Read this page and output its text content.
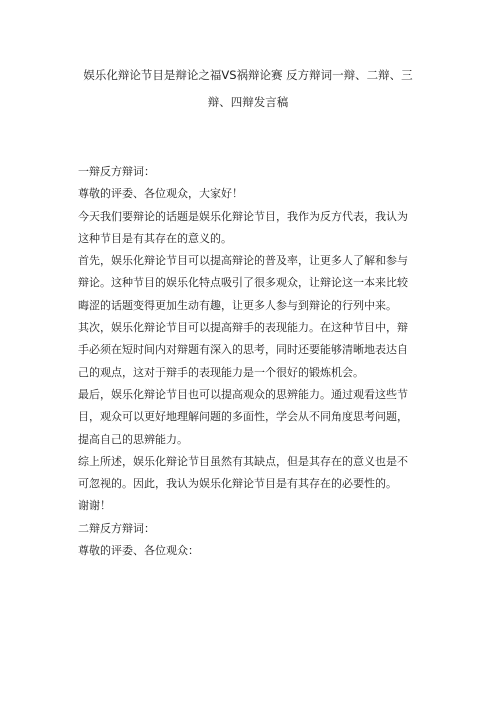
娱乐化辩论节目是辩论之福VS祸辩论赛 反方辩词一辩、二辩、三
辩、四辩发言稿
一辩反方辩词：
尊敬的评委、各位观众，大家好！
今天我们要辩论的话题是娱乐化辩论节目，我作为反方代表，我认为
这种节目是有其存在的意义的。
首先，娱乐化辩论节目可以提高辩论的普及率，让更多人了解和参与
辩论。这种节目的娱乐化特点吸引了很多观众，让辩论这一本来比较
晦涩的话题变得更加生动有趣，让更多人参与到辩论的行列中来。
其次，娱乐化辩论节目可以提高辩手的表现能力。在这种节目中，辩
手必须在短时间内对辩题有深入的思考，同时还要能够清晰地表达自
己的观点，这对于辩手的表现能力是一个很好的锻炼机会。
最后，娱乐化辩论节目也可以提高观众的思辨能力。通过观看这些节
目，观众可以更好地理解问题的多面性，学会从不同角度思考问题，
提高自己的思辨能力。
综上所述，娱乐化辩论节目虽然有其缺点，但是其存在的意义也是不
可忽视的。因此，我认为娱乐化辩论节目是有其存在的必要性的。
谢谢！
二辩反方辩词：
尊敬的评委、各位观众：
